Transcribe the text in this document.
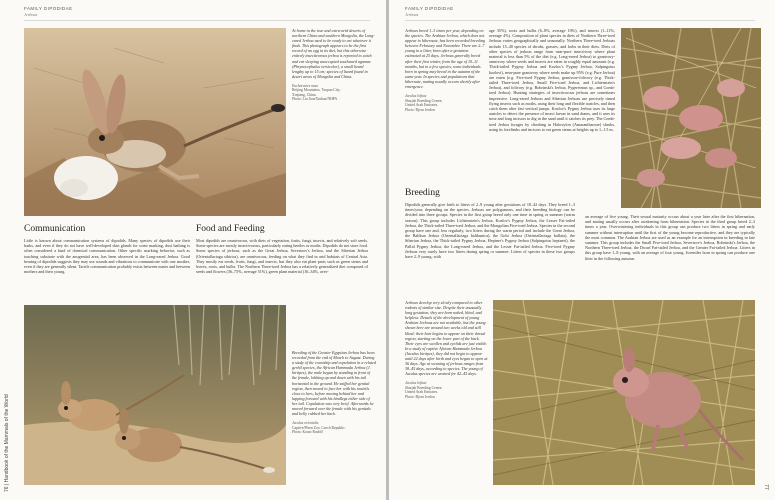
FAMILY DIPODIDAE
Jerboas
At home in the true and extra-arid deserts of northern China and southern Mongolia, the Long-eared Jerboa used to be ready to eat whatever it finds. This photograph appears to be the first record of an egg in its diet, but this otherwise entirely insectivorous jerboa is reported to catch and eat sleeping unoccupied southward agamas (Phrynocephalus versicolor), a small lizard lengthy up to 15 cm; species of lizard found in desert areas of Mongolia and China.
Euchoreutes naso
Beijing Mountains, Tuopan City,
Xinjiang, China.
Photo: Liu Jian/Xinhua/NHPA
Communication
Little is known about communication systems of dipodids. Many species of dipodids use their barks, and even if they do not have well-developed skin glands for scent marking, dust bathing is often considered a kind of chemical communication. Other specific marking behavior, such as touching substrate with the anogenital area, has been observed in the Long-eared Jerboa. Good hearing of dipodids suggests they may use sounds and vibrations to communicate with one another, even if they are generally silent. Tactile communication probably exists between mates and between mothers and their young.
Food and Feeding
Most dipodids are omnivorous, with diets of vegetation, fruits, fungi, insects, and relatively soft seeds. Some species are mostly insectivorous, particularly eating beetles or moths. Dipodids do not store food. Some species of jerboas, such as the Great Jerboa, Severtzov's Jerboa, and the Siberian Jerboa (Orientallactaga sibirica), are omnivorous, feeding on what they find in arid habitats of Central Asia. They mostly eat seeds, fruits, fungi, and insects, but they also eat plant parts such as green stems and leaves, roots, and bulbs. The Northern Three-toed Jerboa has a relatively generalized diet composed of seeds and flowers (36–75%, average 51%), green plant material (16–34%, aver-
Breeding of the Greater Egyptian Jerboa has been recorded from the end of March to August. During a study of the courtship and copulation in a related gerbil species, the African Hammada Jerboa (J. hirtipes), the male began by standing in front of the female, lobbing up and down with his tail horizontal to the ground. He sniffed her genital region, then moved to face her with his nostrils close to hers, before moving behind her and lapping forward with his hindlegs either side of her tail. Copulation was very brief. Afterwards he moved forward over the female with his genitals and belly rubbed her back.
Jaculus orientalis
Captive/Plzen Zoo, Czech Republic.
Photo: Kouzi Rudolf
76 | Handbook of the Mammals of the World
FAMILY DIPODIDAE
Jerboas
Jerboas breed 1–3 times per year, depending on the species. The Arabian Jerboa, which does not appear to hibernate, has been recorded breeding between February and November. There are 2–7 young in a litter, born after a gestation estimated at 25 days. Jerboas generally breed after their first winter, from the age of 10–11 months, but in a few species, some individuals born in spring may breed in the autumn of the same year. In species and populations that hibernate, mating usually occurs shortly after emergence.
Jaculus loftusi
Sharjah Breeding Centre,
United Arab Emirates.
Photo: Bjorn Jerdon
age 35%), roots and bulbs (6–8%, average 10%), and insects (1–11%, average 4%). Composition of plant species in diets of Northern Three-toed Jerboas varies geographically and seasonally. Northern Three-toed Jerboas include 15–40 species of shrubs, grasses, and forbs in their diets. Diets of other species of jerboas range from near-pure insectivory where plant material is less than 5% of the diet (e.g. Long-eared Jerboa) to granivory-omnivory where seeds and insects are eaten in roughly equal amounts (e.g. Thick-tailed Pygmy Jerboa and Kozlov's Pygmy Jerboa, Salpingotus kozlovi), near-pure granivory where seeds make up 95% (e.g. Pure Jerboa) are eaten (e.g. Five-toed Pygmy Jerboa, granivore-folivory (e.g. Thick-tailed Three-toed Jerboa, Small Five-toed Jerboa, and Lichtenstein's Jerboa), and folivory (e.g. Bobrinski's Jerboa, Pygeretmus sp., and Comb-toed Jerboa). Hunting strategies of insectivorous jerboas are sometimes impressive. Long-eared Jerboas and Siberian Jerboas use precisely timed flying insects such as moths, using their long and flexible auricles, and then catch them after fast vertical jumps. Kozlov's Pygmy Jerboa uses its large auricles to detect the presence of insect larvae in sand dunes, and it uses its nose and long incisors to dig in the sand until it catches its prey. The Comb-toed Jerboa forages by climbing in Haloxylon (Amaranthaceae) shrubs, using its forelimbs and incisors to eat green stems at heights up to 1–1.5 m.
Breeding
Dipodids generally give birth to litters of 2–9 young after gestations of 18–42 days. They breed 1–3 times/year, depending on the species. Jerboas are polygamous, and their breeding biology can be divided into three groups. Species in the first group breed only one time in spring or summer (warm season). This group includes Lichtenstein's Jerboa, Kozlov's Pygmy Jerboa, the Lesser Fat-tailed Jerboa, the Thick-tailed Three-toed Jerboa, and the Mongolian Five-toed Jerboa. Species in the second group have one and, less regularly, two litters during the warm period and include the Great Jerboa, the Balikun Jerboa (Orientallactaga balikunica), the Gobi Jerboa (Orientallactaga bullata), the Siberian Jerboa, the Thick-tailed Pygmy Jerboa, Heptner's Pygmy Jerboa (Salpingotus heptneri), the Pallid Pygmy Jerboa, the Long-eared Jerboa, and the Lesser Fat-tailed Jerboa. Five-toed Pygmy Jerboas very rarely have two litters during spring or summer. Litters of species in these two groups have 2–9 young, with
an average of five young. Their sexual maturity occurs about a year later after the first hibernation, and mating usually occurs after awakening from hibernation. Species in the third group breed 2–3 times a year. Overwintering individuals in this group can produce two litters in spring and early summer without interruption until the first of the young become reproductive, and they are typically the most common. The Arabian Jerboa are used as an example for an interruption in breeding in late summer. This group includes the Small Five-toed Jerboa, Severtzov's Jerboa, Bobrinski's Jerboa, the Northern Three-toed Jerboa, the Dwarf Fat-tailed Jerboa, and the Greater Fat-tailed Jerboa. Litters in this group have 1–8 young, with an average of four young. Juveniles born in spring can produce one litter in the following autumn.
Jerboas develop very slowly compared to other rodents of similar size. Despite their unusually long gestation, they are born naked, blind, and helpless. Details of the development of young Arabian Jerboas are not available, but the young shown here are around two weeks old and still blind; their hair begins to appear on their dorsal region, starting on the lower part of the back. Their eyes are swollen and eyelids are just visible. In a study of captive African Hammada Jerboa (Jaculus hirtipes), they did not begin to appear until 22 days after birth and eyes began to open at 36 days. Age at weaning of jerboas ranges from 38–45 days, according to species. The young of Jaculus species are weaned for 42–45 days.
Jaculus loftusi
Sharjah Breeding Centre,
United Arab Emirates.
Photo: Bjorn Jerdon
77
